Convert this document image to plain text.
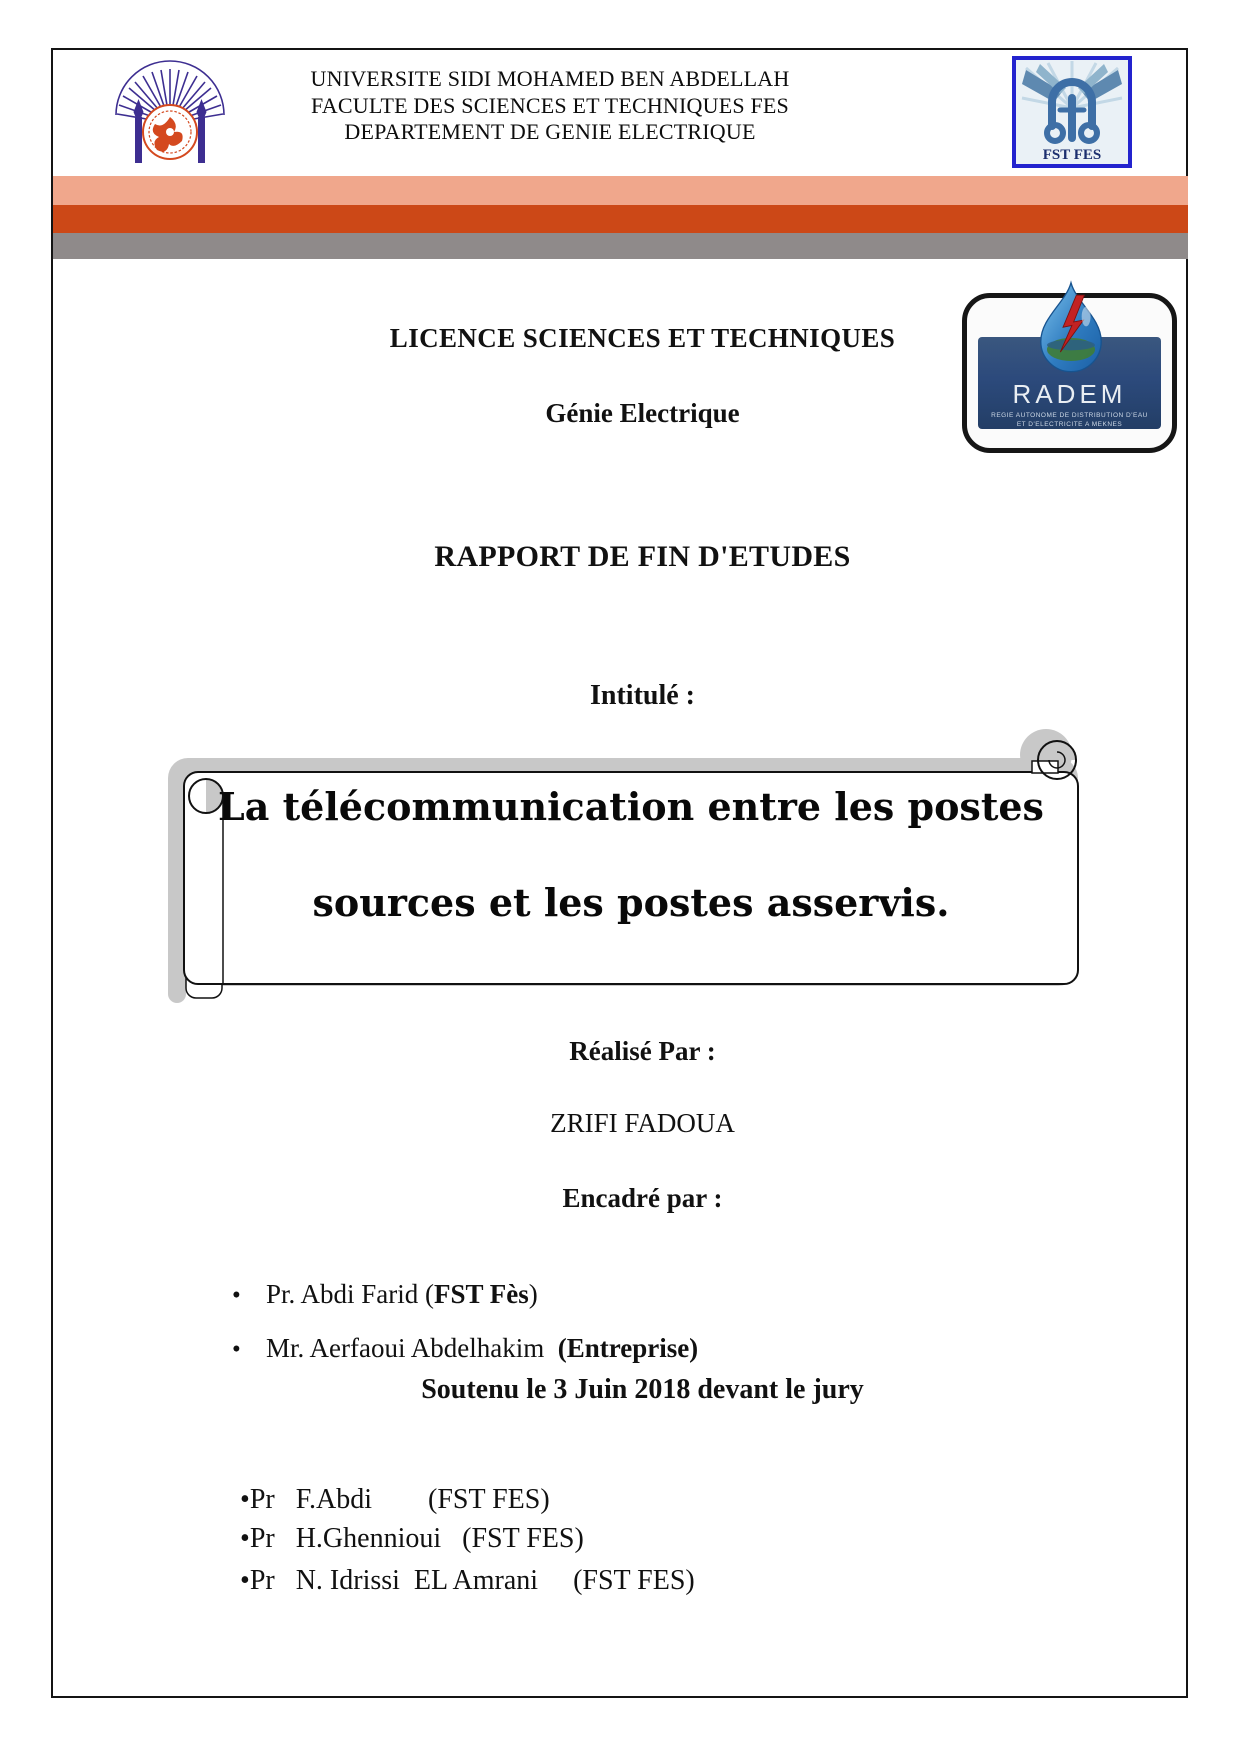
UNIVERSITE SIDI MOHAMED BEN ABDELLAH
FACULTE DES SCIENCES ET TECHNIQUES FES
DEPARTEMENT DE GENIE ELECTRIQUE
FST FES
LICENCE SCIENCES ET TECHNIQUES
Génie Electrique
RADEM
REGIE AUTONOME DE DISTRIBUTION D'EAU
ET D'ELECTRICITE A MEKNES
RAPPORT DE FIN D'ETUDES
Intitulé :
La télécommunication entre les postes
sources et les postes asservis.
Réalisé Par :
ZRIFI FADOUA
Encadré par :

• Pr. Abdi Farid (FST Fès)

• Mr. Aerfaoui Abdelhakim  (Entreprise)

Soutenu le 3 Juin 2018 devant le jury

•Pr   F.Abdi        (FST FES)

•Pr   H.Ghennioui   (FST FES)

•Pr   N. Idrissi  EL Amrani     (FST FES)
